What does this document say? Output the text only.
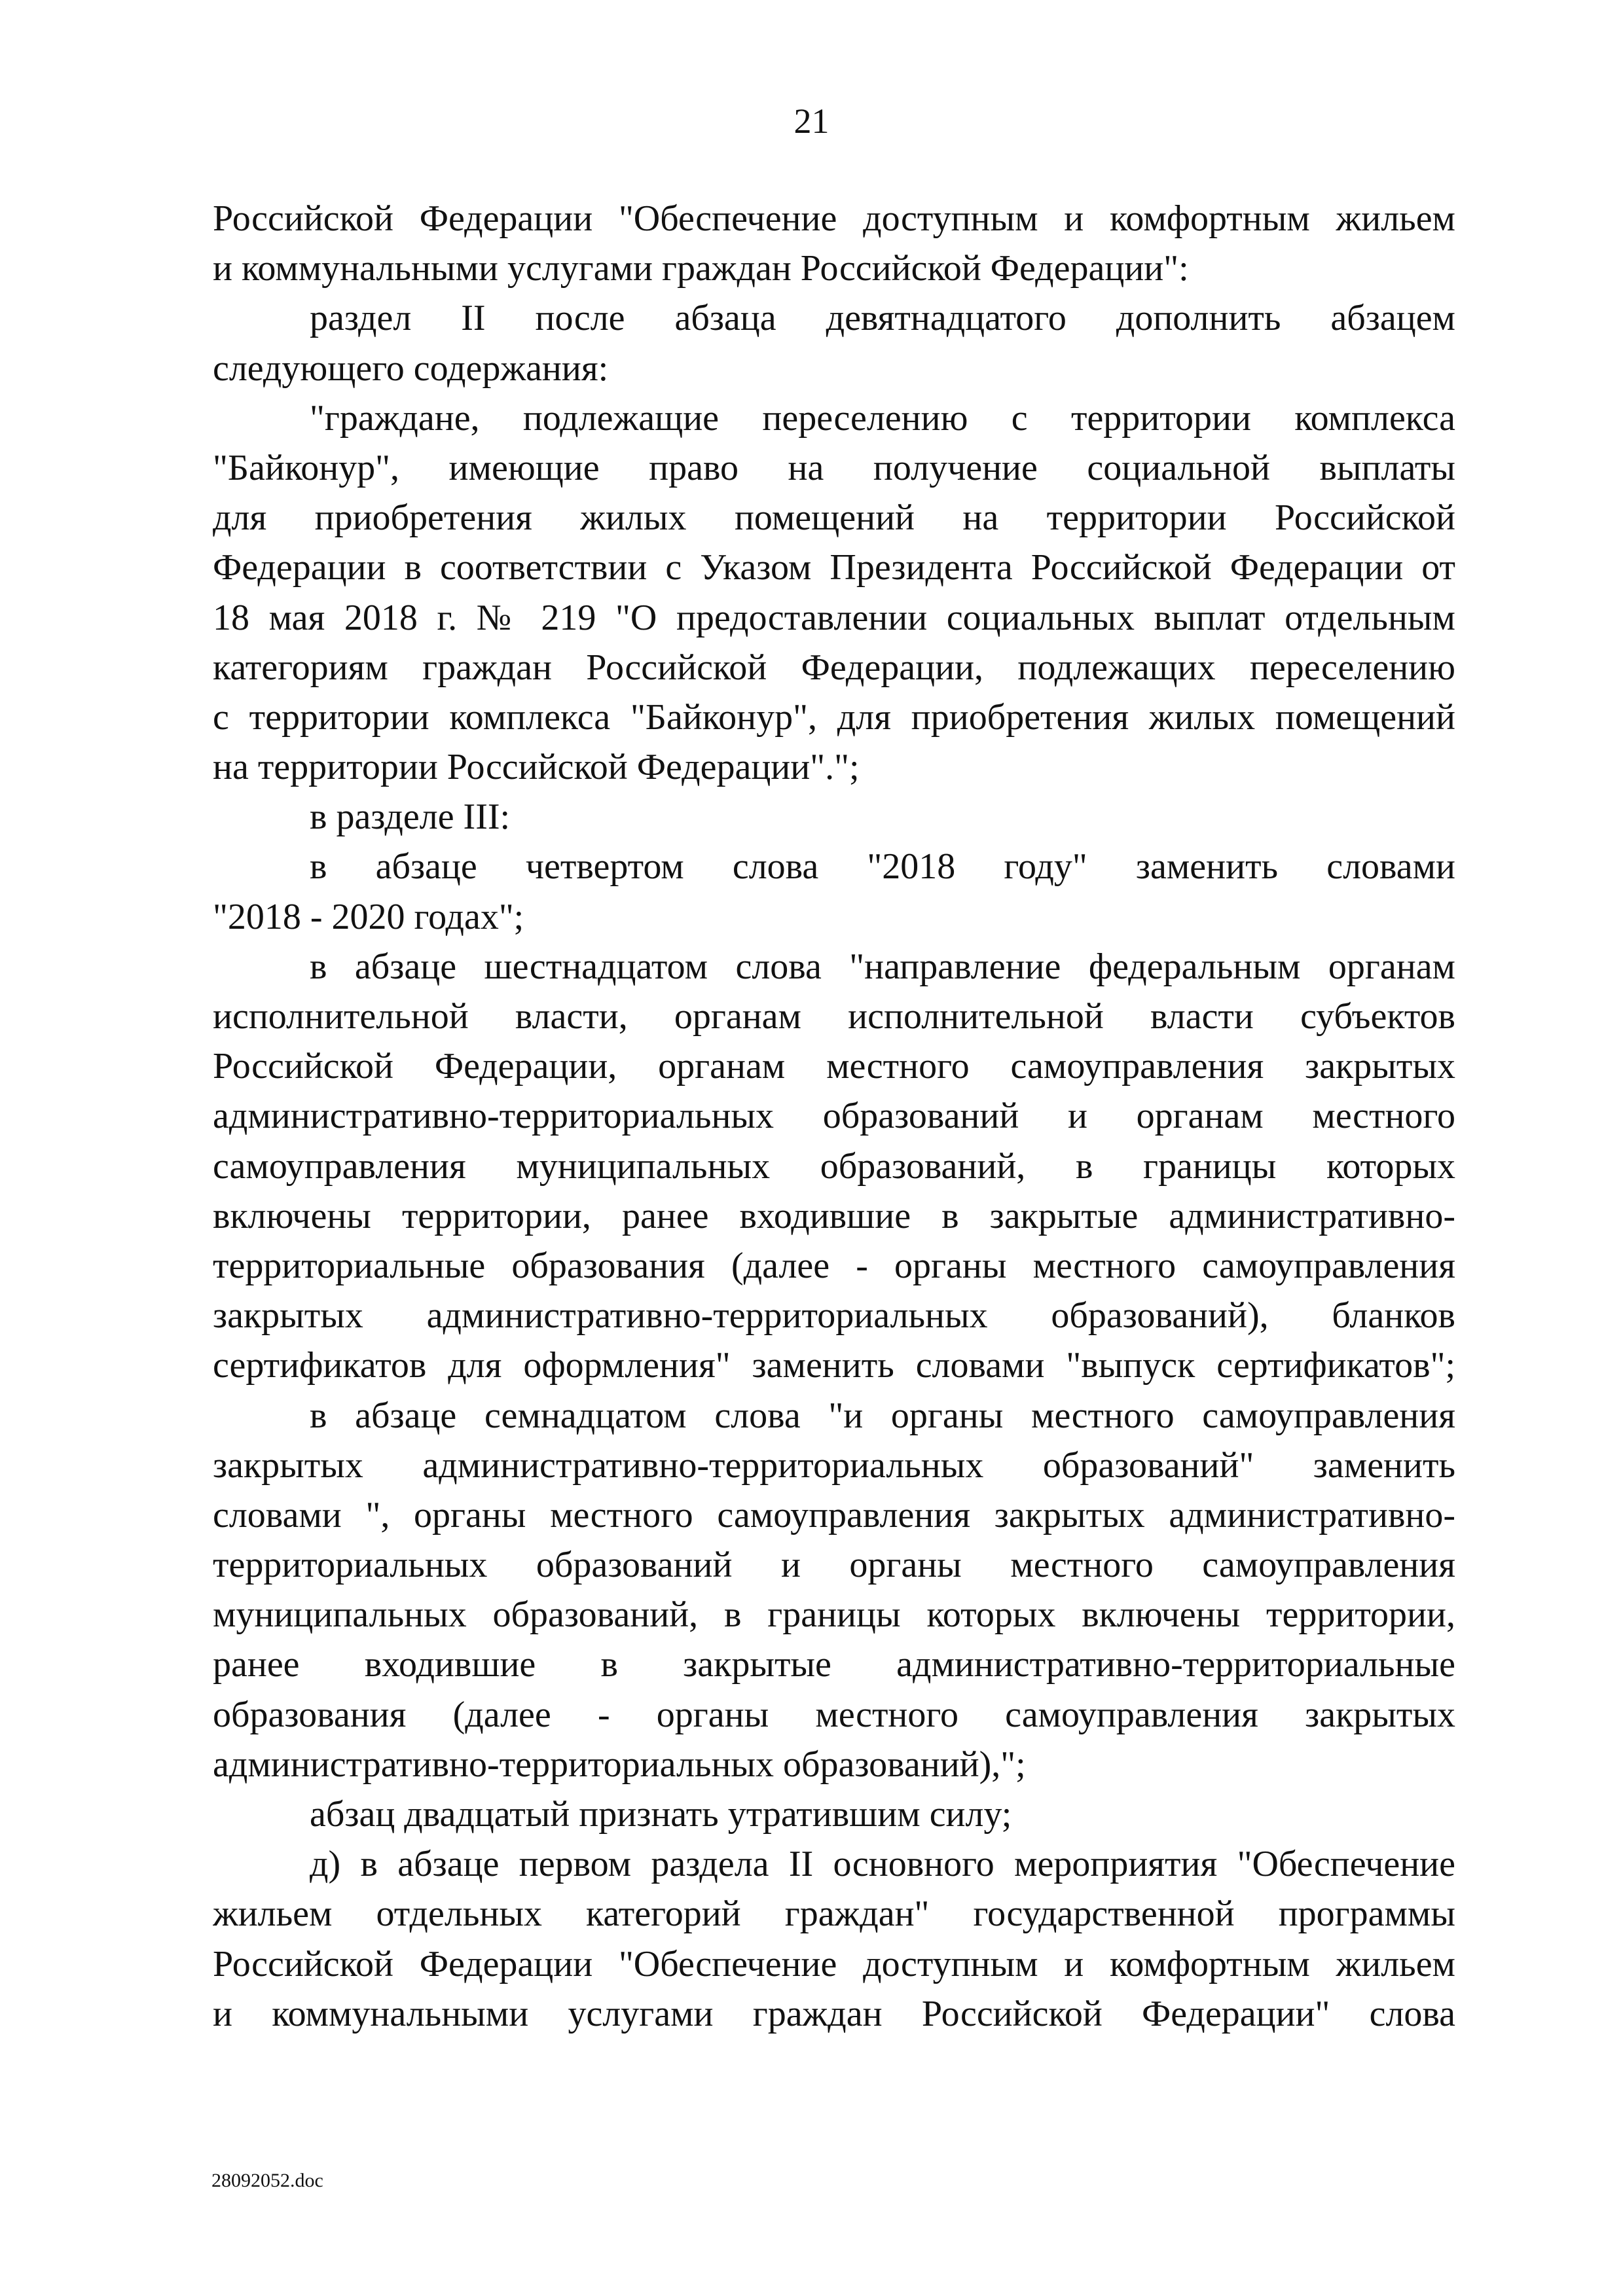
21
Российской Федерации "Обеспечение доступным и комфортным жильем
и коммунальными услугами граждан Российской Федерации":
раздел II после абзаца девятнадцатого дополнить абзацем
следующего содержания:
"граждане, подлежащие переселению с территории комплекса
"Байконур", имеющие право на получение социальной выплаты
для приобретения жилых помещений на территории Российской
Федерации в соответствии с Указом Президента Российской Федерации от
18 мая 2018 г. № 219 "О предоставлении социальных выплат отдельным
категориям граждан Российской Федерации, подлежащих переселению
с территории комплекса "Байконур", для приобретения жилых помещений
на территории Российской Федерации".";
в разделе III:
в абзаце четвертом слова "2018 году" заменить словами
"2018 - 2020 годах";
в абзаце шестнадцатом слова "направление федеральным органам
исполнительной власти, органам исполнительной власти субъектов
Российской Федерации, органам местного самоуправления закрытых
административно-территориальных образований и органам местного
самоуправления муниципальных образований, в границы которых
включены территории, ранее входившие в закрытые административно-
территориальные образования (далее - органы местного самоуправления
закрытых административно-территориальных образований), бланков
сертификатов для оформления" заменить словами "выпуск сертификатов";
в абзаце семнадцатом слова "и органы местного самоуправления
закрытых административно-территориальных образований" заменить
словами ", органы местного самоуправления закрытых административно-
территориальных образований и органы местного самоуправления
муниципальных образований, в границы которых включены территории,
ранее входившие в закрытые административно-территориальные
образования (далее - органы местного самоуправления закрытых
административно-территориальных образований),";
абзац двадцатый признать утратившим силу;
д) в абзаце первом раздела II основного мероприятия "Обеспечение
жильем отдельных категорий граждан" государственной программы
Российской Федерации "Обеспечение доступным и комфортным жильем
и коммунальными услугами граждан Российской Федерации" слова
28092052.doc
